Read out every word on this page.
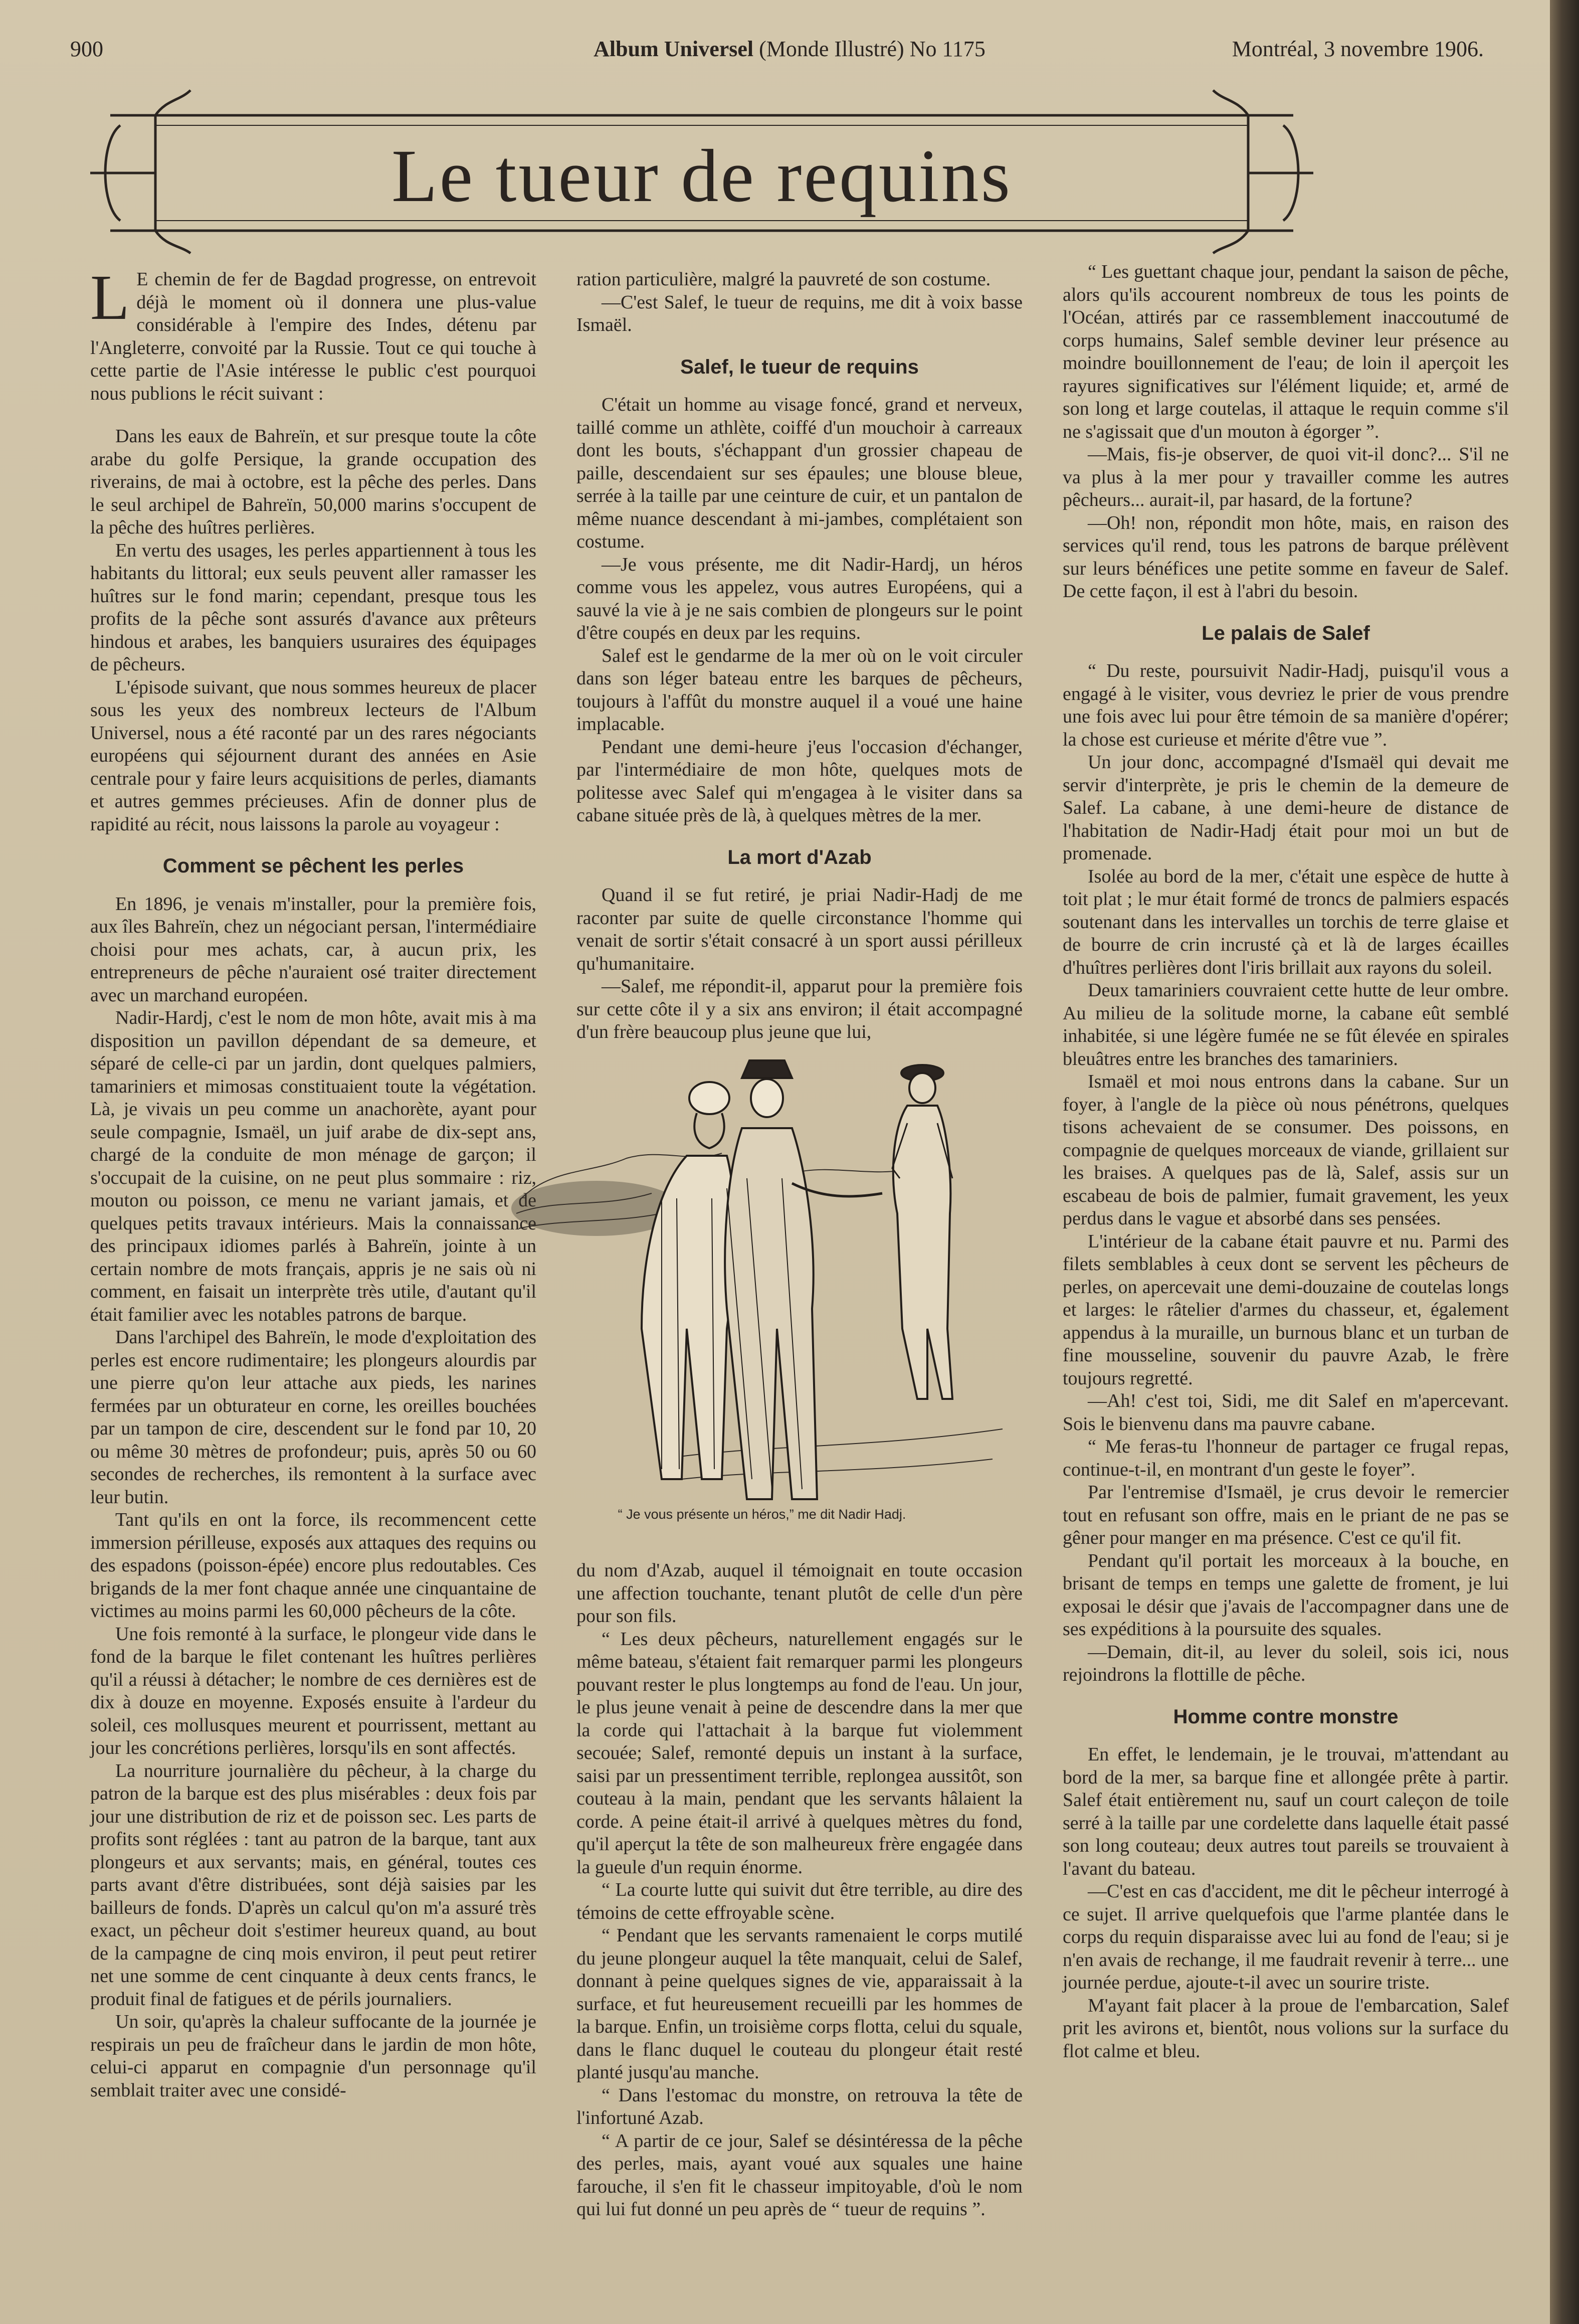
900	Album Universel (Monde Illustré) No 1175	Montréal, 3 novembre 1906.
Le tueur de requins

L E chemin de fer de Bagdad progresse, on entrevoit déjà le moment où il donnera une plus-value considérable à l'empire des Indes, détenu par l'Angleterre, convoité par la Russie. Tout ce qui touche à cette partie de l'Asie intéresse le public c'est pourquoi nous publions le récit suivant :

Dans les eaux de Bahreïn, et sur presque toute la côte arabe du golfe Persique, la grande occupation des riverains, de mai à octobre, est la pêche des perles. Dans le seul archipel de Bahreïn, 50,000 marins s'occupent de la pêche des huîtres perlières.

En vertu des usages, les perles appartiennent à tous les habitants du littoral; eux seuls peuvent aller ramasser les huîtres sur le fond marin; cependant, presque tous les profits de la pêche sont assurés d'avance aux prêteurs hindous et arabes, les banquiers usuraires des équipages de pêcheurs.

L'épisode suivant, que nous sommes heureux de placer sous les yeux des nombreux lecteurs de l'Album Universel, nous a été raconté par un des rares négociants européens qui séjournent durant des années en Asie centrale pour y faire leurs acquisitions de perles, diamants et autres gemmes précieuses. Afin de donner plus de rapidité au récit, nous laissons la parole au voyageur :

Comment se pêchent les perles

En 1896, je venais m'installer, pour la première fois, aux îles Bahreïn, chez un négociant persan, l'intermédiaire choisi pour mes achats, car, à aucun prix, les entrepreneurs de pêche n'auraient osé traiter directement avec un marchand européen.

Nadir-Hardj, c'est le nom de mon hôte, avait mis à ma disposition un pavillon dépendant de sa demeure, et séparé de celle-ci par un jardin, dont quelques palmiers, tamariniers et mimosas constituaient toute la végétation. Là, je vivais un peu comme un anachorète, ayant pour seule compagnie, Ismaël, un juif arabe de dix-sept ans, chargé de la conduite de mon ménage de garçon; il s'occupait de la cuisine, on ne peut plus sommaire : riz, mouton ou poisson, ce menu ne variant jamais, et de quelques petits travaux intérieurs. Mais la connaissance des principaux idiomes parlés à Bahreïn, jointe à un certain nombre de mots français, appris je ne sais où ni comment, en faisait un interprète très utile, d'autant qu'il était familier avec les notables patrons de barque.

Dans l'archipel des Bahreïn, le mode d'exploitation des perles est encore rudimentaire; les plongeurs alourdis par une pierre qu'on leur attache aux pieds, les narines fermées par un obturateur en corne, les oreilles bouchées par un tampon de cire, descendent sur le fond par 10, 20 ou même 30 mètres de profondeur; puis, après 50 ou 60 secondes de recherches, ils remontent à la surface avec leur butin.

Tant qu'ils en ont la force, ils recommencent cette immersion périlleuse, exposés aux attaques des requins ou des espadons (poisson-épée) encore plus redoutables. Ces brigands de la mer font chaque année une cinquantaine de victimes au moins parmi les 60,000 pêcheurs de la côte.

Une fois remonté à la surface, le plongeur vide dans le fond de la barque le filet contenant les huîtres perlières qu'il a réussi à détacher; le nombre de ces dernières est de dix à douze en moyenne. Exposés ensuite à l'ardeur du soleil, ces mollusques meurent et pourrissent, mettant au jour les concrétions perlières, lorsqu'ils en sont affectés.

La nourriture journalière du pêcheur, à la charge du patron de la barque est des plus misérables : deux fois par jour une distribution de riz et de poisson sec. Les parts de profits sont réglées : tant au patron de la barque, tant aux plongeurs et aux servants; mais, en général, toutes ces parts avant d'être distribuées, sont déjà saisies par les bailleurs de fonds. D'après un calcul qu'on m'a assuré très exact, un pêcheur doit s'estimer heureux quand, au bout de la campagne de cinq mois environ, il peut peut retirer net une somme de cent cinquante à deux cents francs, le produit final de fatigues et de périls journaliers.

Un soir, qu'après la chaleur suffocante de la journée je respirais un peu de fraîcheur dans le jardin de mon hôte, celui-ci apparut en compagnie d'un personnage qu'il semblait traiter avec une considé-

ration particulière, malgré la pauvreté de son costume.

—C'est Salef, le tueur de requins, me dit à voix basse Ismaël.

Salef, le tueur de requins

C'était un homme au visage foncé, grand et nerveux, taillé comme un athlète, coiffé d'un mouchoir à carreaux dont les bouts, s'échappant d'un grossier chapeau de paille, descendaient sur ses épaules; une blouse bleue, serrée à la taille par une ceinture de cuir, et un pantalon de même nuance descendant à mi-jambes, complétaient son costume.

—Je vous présente, me dit Nadir-Hardj, un héros comme vous les appelez, vous autres Européens, qui a sauvé la vie à je ne sais combien de plongeurs sur le point d'être coupés en deux par les requins.

Salef est le gendarme de la mer où on le voit circuler dans son léger bateau entre les barques de pêcheurs, toujours à l'affût du monstre auquel il a voué une haine implacable.

Pendant une demi-heure j'eus l'occasion d'échanger, par l'intermédiaire de mon hôte, quelques mots de politesse avec Salef qui m'engagea à le visiter dans sa cabane située près de là, à quelques mètres de la mer.

La mort d'Azab

Quand il se fut retiré, je priai Nadir-Hadj de me raconter par suite de quelle circonstance l'homme qui venait de sortir s'était consacré à un sport aussi périlleux qu'humanitaire.

—Salef, me répondit-il, apparut pour la première fois sur cette côte il y a six ans environ; il était accompagné d'un frère beaucoup plus jeune que lui,

“ Je vous présente un héros,” me dit Nadir Hadj.

du nom d'Azab, auquel il témoignait en toute occasion une affection touchante, tenant plutôt de celle d'un père pour son fils.

“ Les deux pêcheurs, naturellement engagés sur le même bateau, s'étaient fait remarquer parmi les plongeurs pouvant rester le plus longtemps au fond de l'eau. Un jour, le plus jeune venait à peine de descendre dans la mer que la corde qui l'attachait à la barque fut violemment secouée; Salef, remonté depuis un instant à la surface, saisi par un pressentiment terrible, replongea aussitôt, son couteau à la main, pendant que les servants hâlaient la corde. A peine était-il arrivé à quelques mètres du fond, qu'il aperçut la tête de son malheureux frère engagée dans la gueule d'un requin énorme.

“ La courte lutte qui suivit dut être terrible, au dire des témoins de cette effroyable scène.

“ Pendant que les servants ramenaient le corps mutilé du jeune plongeur auquel la tête manquait, celui de Salef, donnant à peine quelques signes de vie, apparaissait à la surface, et fut heureusement recueilli par les hommes de la barque. Enfin, un troisième corps flotta, celui du squale, dans le flanc duquel le couteau du plongeur était resté planté jusqu'au manche.

“ Dans l'estomac du monstre, on retrouva la tête de l'infortuné Azab.

“ A partir de ce jour, Salef se désintéressa de la pêche des perles, mais, ayant voué aux squales une haine farouche, il s'en fit le chasseur impitoyable, d'où le nom qui lui fut donné un peu après de “ tueur de requins ”.

“ Les guettant chaque jour, pendant la saison de pêche, alors qu'ils accourent nombreux de tous les points de l'Océan, attirés par ce rassemblement inaccoutumé de corps humains, Salef semble deviner leur présence au moindre bouillonnement de l'eau; de loin il aperçoit les rayures significatives sur l'élément liquide; et, armé de son long et large coutelas, il attaque le requin comme s'il ne s'agissait que d'un mouton à égorger ”.

—Mais, fis-je observer, de quoi vit-il donc?... S'il ne va plus à la mer pour y travailler comme les autres pêcheurs... aurait-il, par hasard, de la fortune?

—Oh! non, répondit mon hôte, mais, en raison des services qu'il rend, tous les patrons de barque prélèvent sur leurs bénéfices une petite somme en faveur de Salef. De cette façon, il est à l'abri du besoin.

Le palais de Salef

“ Du reste, poursuivit Nadir-Hadj, puisqu'il vous a engagé à le visiter, vous devriez le prier de vous prendre une fois avec lui pour être témoin de sa manière d'opérer; la chose est curieuse et mérite d'être vue ”.

Un jour donc, accompagné d'Ismaël qui devait me servir d'interprète, je pris le chemin de la demeure de Salef. La cabane, à une demi-heure de distance de l'habitation de Nadir-Hadj était pour moi un but de promenade.

Isolée au bord de la mer, c'était une espèce de hutte à toit plat ; le mur était formé de troncs de palmiers espacés soutenant dans les intervalles un torchis de terre glaise et de bourre de crin incrusté çà et là de larges écailles d'huîtres perlières dont l'iris brillait aux rayons du soleil.

Deux tamariniers couvraient cette hutte de leur ombre. Au milieu de la solitude morne, la cabane eût semblé inhabitée, si une légère fumée ne se fût élevée en spirales bleuâtres entre les branches des tamariniers.

Ismaël et moi nous entrons dans la cabane. Sur un foyer, à l'angle de la pièce où nous pénétrons, quelques tisons achevaient de se consumer. Des poissons, en compagnie de quelques morceaux de viande, grillaient sur les braises. A quelques pas de là, Salef, assis sur un escabeau de bois de palmier, fumait gravement, les yeux perdus dans le vague et absorbé dans ses pensées.

L'intérieur de la cabane était pauvre et nu. Parmi des filets semblables à ceux dont se servent les pêcheurs de perles, on apercevait une demi-douzaine de coutelas longs et larges: le râtelier d'armes du chasseur, et, également appendus à la muraille, un burnous blanc et un turban de fine mousseline, souvenir du pauvre Azab, le frère toujours regretté.

—Ah! c'est toi, Sidi, me dit Salef en m'apercevant. Sois le bienvenu dans ma pauvre cabane.

“ Me feras-tu l'honneur de partager ce frugal repas, continue-t-il, en montrant d'un geste le foyer”.

Par l'entremise d'Ismaël, je crus devoir le remercier tout en refusant son offre, mais en le priant de ne pas se gêner pour manger en ma présence. C'est ce qu'il fit.

Pendant qu'il portait les morceaux à la bouche, en brisant de temps en temps une galette de froment, je lui exposai le désir que j'avais de l'accompagner dans une de ses expéditions à la poursuite des squales.

—Demain, dit-il, au lever du soleil, sois ici, nous rejoindrons la flottille de pêche.

Homme contre monstre

En effet, le lendemain, je le trouvai, m'attendant au bord de la mer, sa barque fine et allongée prête à partir. Salef était entièrement nu, sauf un court caleçon de toile serré à la taille par une cordelette dans laquelle était passé son long couteau; deux autres tout pareils se trouvaient à l'avant du bateau.

—C'est en cas d'accident, me dit le pêcheur interrogé à ce sujet. Il arrive quelquefois que l'arme plantée dans le corps du requin disparaisse avec lui au fond de l'eau; si je n'en avais de rechange, il me faudrait revenir à terre... une journée perdue, ajoute-t-il avec un sourire triste.

M'ayant fait placer à la proue de l'embarcation, Salef prit les avirons et, bientôt, nous volions sur la surface du flot calme et bleu.
